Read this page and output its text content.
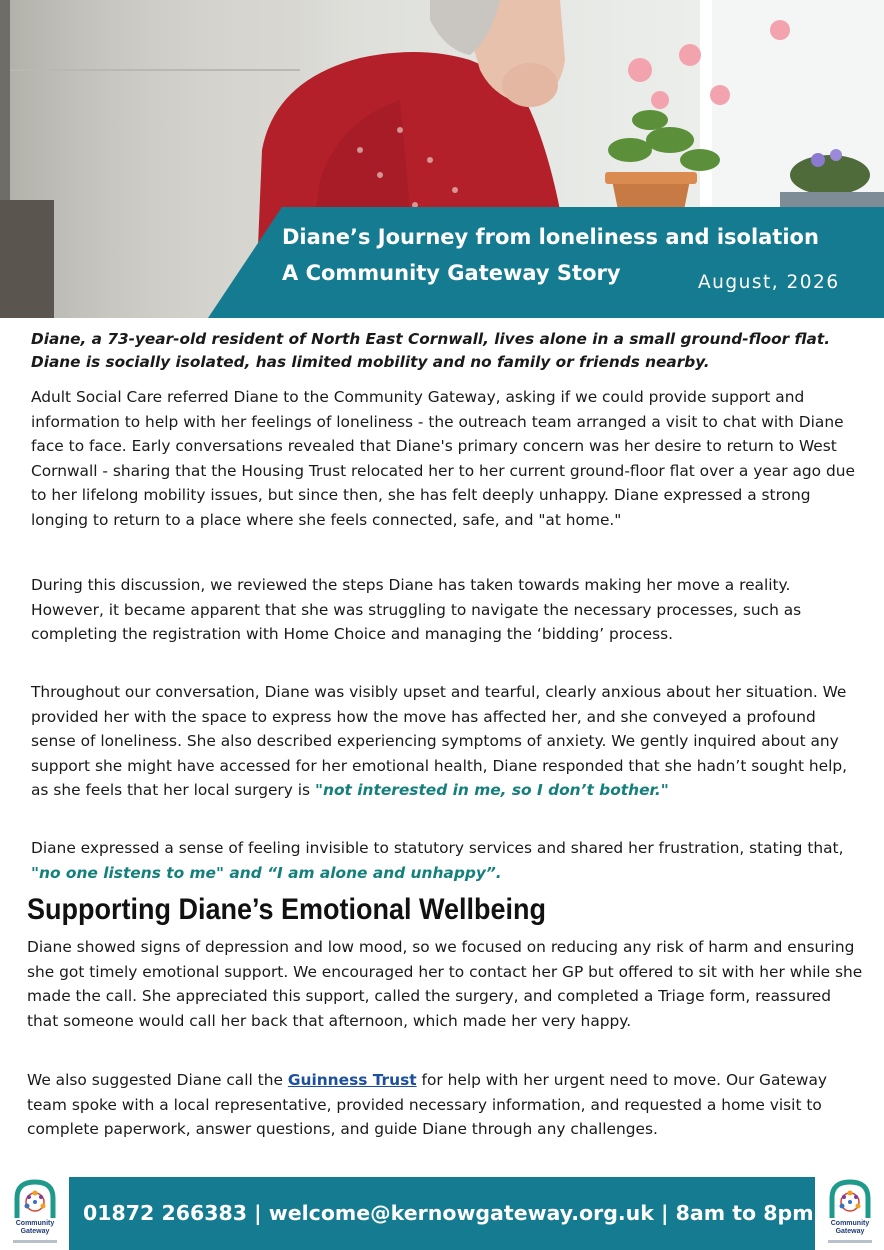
Diane’s Journey from loneliness and isolation
A Community Gateway Story	August, 2026

Diane, a 73-year-old resident of North East Cornwall, lives alone in a small ground-floor flat. Diane is socially isolated, has limited mobility and no family or friends nearby.

Adult Social Care referred Diane to the Community Gateway, asking if we could provide support and information to help with her feelings of loneliness - the outreach team arranged a visit to chat with Diane face to face. Early conversations revealed that Diane's primary concern was her desire to return to West Cornwall - sharing that the Housing Trust relocated her to her current ground-floor flat over a year ago due to her lifelong mobility issues, but since then, she has felt deeply unhappy. Diane expressed a strong longing to return to a place where she feels connected, safe, and "at home."

During this discussion, we reviewed the steps Diane has taken towards making her move a reality. However, it became apparent that she was struggling to navigate the necessary processes, such as completing the registration with Home Choice and managing the ‘bidding’ process.

Throughout our conversation, Diane was visibly upset and tearful, clearly anxious about her situation. We provided her with the space to express how the move has affected her, and she conveyed a profound sense of loneliness. She also described experiencing symptoms of anxiety. We gently inquired about any support she might have accessed for her emotional health, Diane responded that she hadn’t sought help, as she feels that her local surgery is "not interested in me, so I don’t bother."

Diane expressed a sense of feeling invisible to statutory services and shared her frustration, stating that, "no one listens to me" and “I am alone and unhappy”.

Supporting Diane’s Emotional Wellbeing

Diane showed signs of depression and low mood, so we focused on reducing any risk of harm and ensuring she got timely emotional support. We encouraged her to contact her GP but offered to sit with her while she made the call. She appreciated this support, called the surgery, and completed a Triage form, reassured that someone would call her back that afternoon, which made her very happy.

We also suggested Diane call the Guinness Trust for help with her urgent need to move. Our Gateway team spoke with a local representative, provided necessary information, and requested a home visit to complete paperwork, answer questions, and guide Diane through any challenges.

Community
Gateway
01872 266383 | welcome@kernowgateway.org.uk | 8am to 8pm	Community
Gateway
